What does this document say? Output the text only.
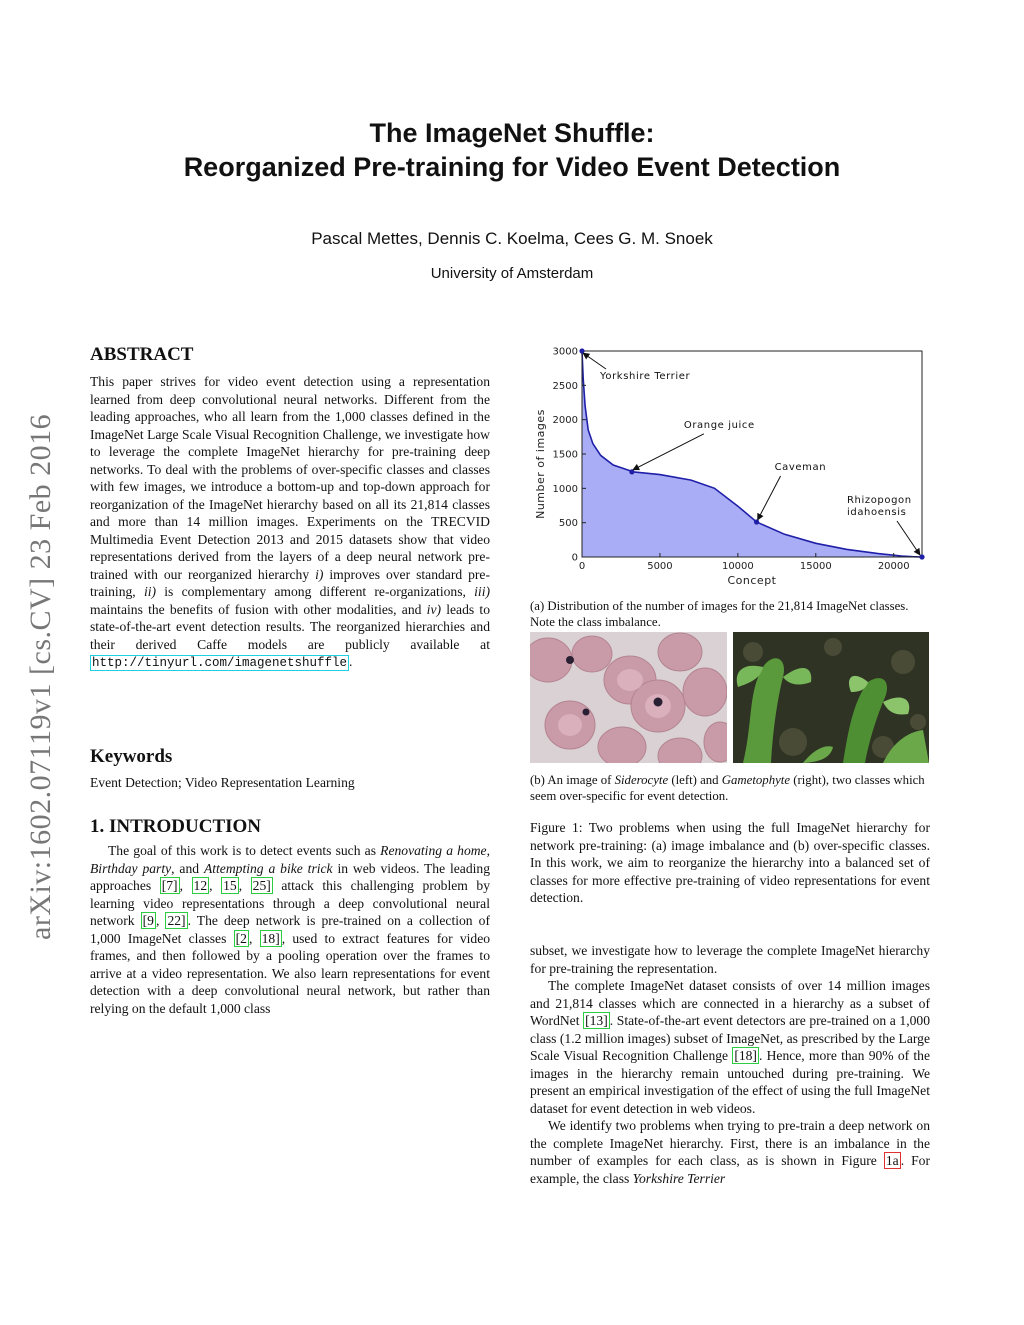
The ImageNet Shuffle:
Reorganized Pre-training for Video Event Detection
Pascal Mettes, Dennis C. Koelma, Cees G. M. Snoek
University of Amsterdam
arXiv:1602.07119v1 [cs.CV] 23 Feb 2016
ABSTRACT

This paper strives for video event detection using a representation learned from deep convolutional neural networks. Different from the leading approaches, who all learn from the 1,000 classes defined in the ImageNet Large Scale Visual Recognition Challenge, we investigate how to leverage the complete ImageNet hierarchy for pre-training deep networks. To deal with the problems of over-specific classes and classes with few images, we introduce a bottom-up and top-down approach for reorganization of the ImageNet hierarchy based on all its 21,814 classes and more than 14 million images. Experiments on the TRECVID Multimedia Event Detection 2013 and 2015 datasets show that video representations derived from the layers of a deep neural network pre-trained with our reorganized hierarchy i) improves over standard pre-training, ii) is complementary among different re-organizations, iii) maintains the benefits of fusion with other modalities, and iv) leads to state-of-the-art event detection results. The reorganized hierarchies and their derived Caffe models are publicly available at http://tinyurl.com/imagenetshuffle .

Keywords
Event Detection; Video Representation Learning
1. INTRODUCTION

The goal of this work is to detect events such as Renovating a home, Birthday party, and Attempting a bike trick in web videos. The leading approaches [7] , 12 , 15 , 25] attack this challenging problem by learning video representations through a deep convolutional neural network [9 , 22] . The deep network is pre-trained on a collection of 1,000 ImageNet classes [2 , 18] , used to extract features for video frames, and then followed by a pooling operation over the frames to arrive at a video representation. We also learn representations for event detection with a deep convolutional neural network, but rather than relying on the default 1,000 class

0	5000	10000	15000	20000
0
500
1000
1500
2000
2500
3000
Concept
Number of images
Yorkshire Terrier
Orange juice
Caveman
Rhizopogon
idahoensis
(a) Distribution of the number of images for the 21,814 ImageNet classes. Note the class imbalance.
(b) An image of Siderocyte (left) and Gametophyte (right), two classes which seem over-specific for event detection.
Figure 1: Two problems when using the full ImageNet hierarchy for network pre-training: (a) image imbalance and (b) over-specific classes. In this work, we aim to reorganize the hierarchy into a balanced set of classes for more effective pre-training of video representations for event detection.

subset, we investigate how to leverage the complete ImageNet hierarchy for pre-training the representation.

The complete ImageNet dataset consists of over 14 million images and 21,814 classes which are connected in a hierarchy as a subset of WordNet [13] . State-of-the-art event detectors are pre-trained on a 1,000 class (1.2 million images) subset of ImageNet, as prescribed by the Large Scale Visual Recognition Challenge [18] . Hence, more than 90% of the images in the hierarchy remain untouched during pre-training. We present an empirical investigation of the effect of using the full ImageNet dataset for event detection in web videos.

We identify two problems when trying to pre-train a deep network on the complete ImageNet hierarchy. First, there is an imbalance in the number of examples for each class, as is shown in Figure 1a . For example, the class Yorkshire Terrier
